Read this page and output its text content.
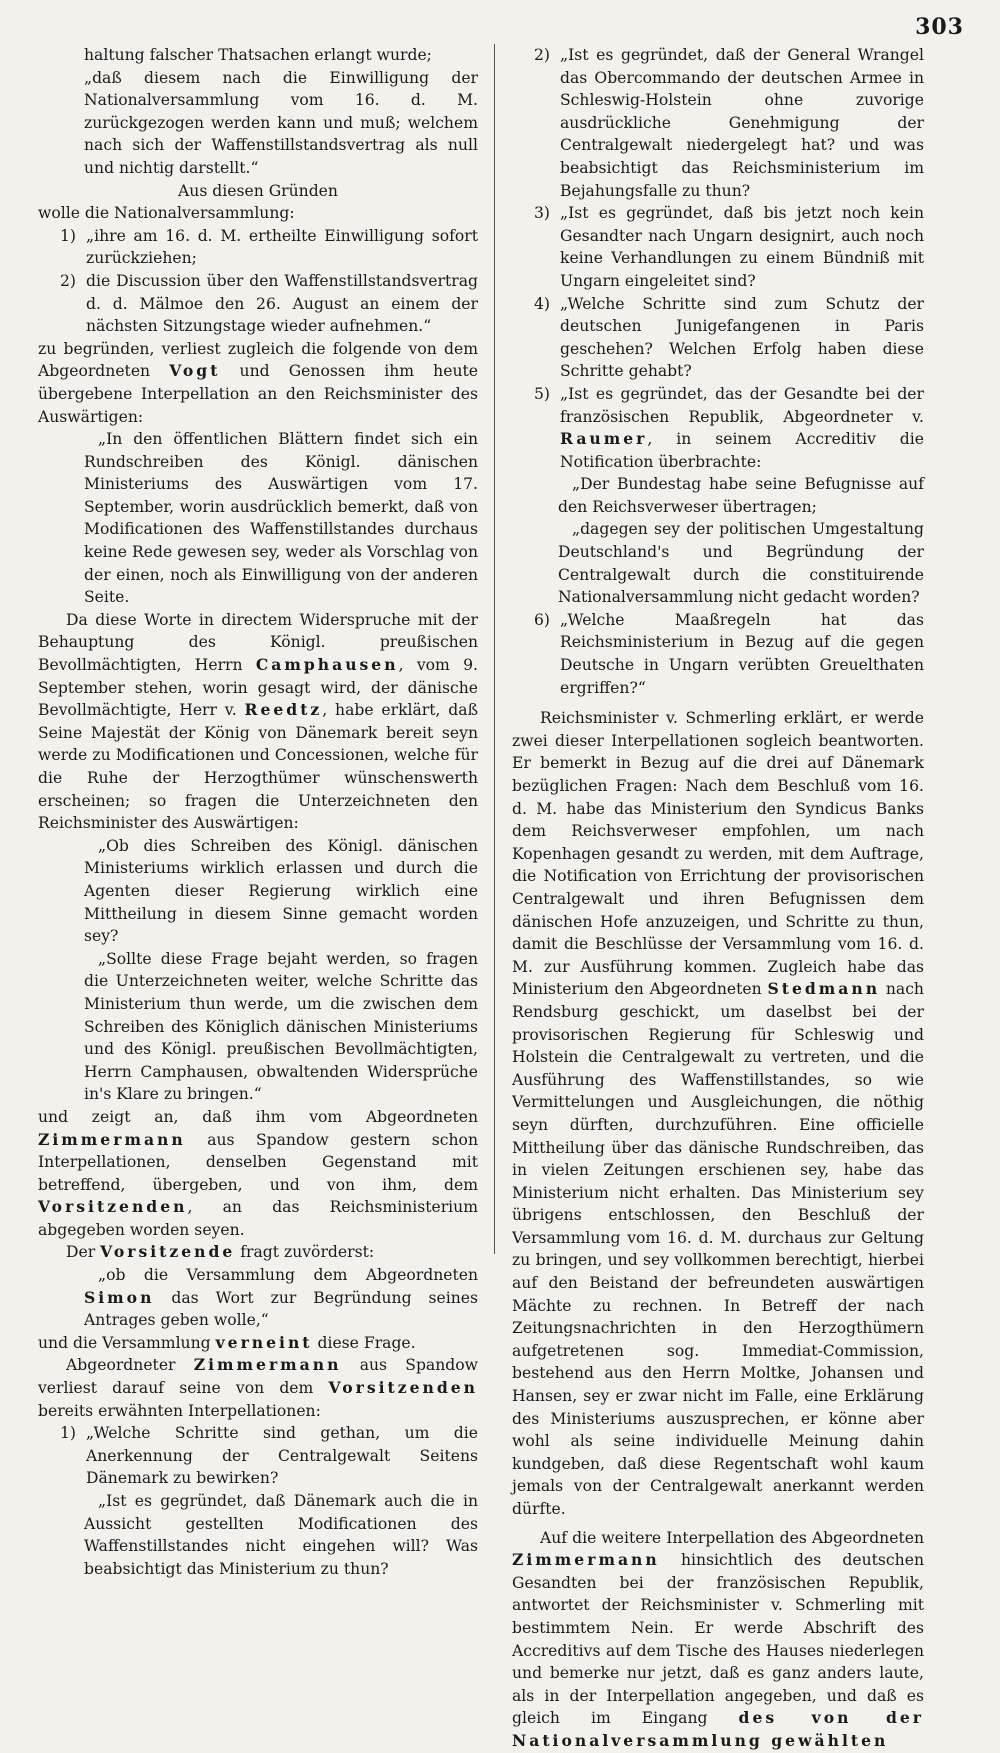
303

haltung falscher Thatsachen erlangt wurde;

„daß diesem nach die Einwilligung der Nationalversammlung vom 16. d. M. zurückgezogen werden kann und muß; welchem nach sich der Waffenstillstandsvertrag als null und nichtig darstellt.“

Aus diesen Gründen

wolle die Nationalversammlung:

1) „ihre am 16. d. M. ertheilte Einwilligung sofort zurückziehen;
2) die Discussion über den Waffenstillstandsvertrag d. d. Mälmoe den 26. August an einem der nächsten Sitzungstage wieder aufnehmen.“

zu begründen, verliest zugleich die folgende von dem Abgeordneten Vogt und Genossen ihm heute übergebene Interpellation an den Reichsminister des Auswärtigen:

„In den öffentlichen Blättern findet sich ein Rundschreiben des Königl. dänischen Ministeriums des Auswärtigen vom 17. September, worin ausdrücklich bemerkt, daß von Modificationen des Waffenstillstandes durchaus keine Rede gewesen sey, weder als Vorschlag von der einen, noch als Einwilligung von der anderen Seite.

Da diese Worte in directem Widerspruche mit der Behauptung des Königl. preußischen Bevollmächtigten, Herrn Camphausen, vom 9. September stehen, worin gesagt wird, der dänische Bevollmächtigte, Herr v. Reedtz, habe erklärt, daß Seine Majestät der König von Dänemark bereit seyn werde zu Modificationen und Concessionen, welche für die Ruhe der Herzogthümer wünschenswerth erscheinen; so fragen die Unterzeichneten den Reichsminister des Auswärtigen:

„Ob dies Schreiben des Königl. dänischen Ministeriums wirklich erlassen und durch die Agenten dieser Regierung wirklich eine Mittheilung in diesem Sinne gemacht worden sey?

„Sollte diese Frage bejaht werden, so fragen die Unterzeichneten weiter, welche Schritte das Ministerium thun werde, um die zwischen dem Schreiben des Königlich dänischen Ministeriums und des Königl. preußischen Bevollmächtigten, Herrn Camphausen, obwaltenden Widersprüche in's Klare zu bringen.“

und zeigt an, daß ihm vom Abgeordneten Zimmermann aus Spandow gestern schon Interpellationen, denselben Gegenstand mit betreffend, übergeben, und von ihm, dem Vorsitzenden, an das Reichsministerium abgegeben worden seyen.

Der Vorsitzende fragt zuvörderst:

„ob die Versammlung dem Abgeordneten Simon das Wort zur Begründung seines Antrages geben wolle,“

und die Versammlung verneint diese Frage.

Abgeordneter Zimmermann aus Spandow verliest darauf seine von dem Vorsitzenden bereits erwähnten Interpellationen:

1) „Welche Schritte sind gethan, um die Anerkennung der Centralgewalt Seitens Dänemark zu bewirken?

„Ist es gegründet, daß Dänemark auch die in Aussicht gestellten Modificationen des Waffenstillstandes nicht eingehen will? Was beabsichtigt das Ministerium zu thun?

2) „Ist es gegründet, daß der General Wrangel das Obercommando der deutschen Armee in Schleswig-Holstein ohne zuvorige ausdrückliche Genehmigung der Centralgewalt niedergelegt hat? und was beabsichtigt das Reichsministerium im Bejahungsfalle zu thun?
3) „Ist es gegründet, daß bis jetzt noch kein Gesandter nach Ungarn designirt, auch noch keine Verhandlungen zu einem Bündniß mit Ungarn eingeleitet sind?
4) „Welche Schritte sind zum Schutz der deutschen Junigefangenen in Paris geschehen? Welchen Erfolg haben diese Schritte gehabt?
5) „Ist es gegründet, das der Gesandte bei der französischen Republik, Abgeordneter v. Raumer, in seinem Accreditiv die Notification überbrachte:

„Der Bundestag habe seine Befugnisse auf den Reichsverweser übertragen;

„dagegen sey der politischen Umgestaltung Deutschland's und Begründung der Centralgewalt durch die constituirende Nationalversammlung nicht gedacht worden?

6) „Welche Maaßregeln hat das Reichsministerium in Bezug auf die gegen Deutsche in Ungarn verübten Greuelthaten ergriffen?“

Reichsminister v. Schmerling erklärt, er werde zwei dieser Interpellationen sogleich beantworten. Er bemerkt in Bezug auf die drei auf Dänemark bezüglichen Fragen: Nach dem Beschluß vom 16. d. M. habe das Ministerium den Syndicus Banks dem Reichsverweser empfohlen, um nach Kopenhagen gesandt zu werden, mit dem Auftrage, die Notification von Errichtung der provisorischen Centralgewalt und ihren Befugnissen dem dänischen Hofe anzuzeigen, und Schritte zu thun, damit die Beschlüsse der Versammlung vom 16. d. M. zur Ausführung kommen. Zugleich habe das Ministerium den Abgeordneten Stedmann nach Rendsburg geschickt, um daselbst bei der provisorischen Regierung für Schleswig und Holstein die Centralgewalt zu vertreten, und die Ausführung des Waffenstillstandes, so wie Vermittelungen und Ausgleichungen, die nöthig seyn dürften, durchzuführen. Eine officielle Mittheilung über das dänische Rundschreiben, das in vielen Zeitungen erschienen sey, habe das Ministerium nicht erhalten. Das Ministerium sey übrigens entschlossen, den Beschluß der Versammlung vom 16. d. M. durchaus zur Geltung zu bringen, und sey vollkommen berechtigt, hierbei auf den Beistand der befreundeten auswärtigen Mächte zu rechnen. In Betreff der nach Zeitungsnachrichten in den Herzogthümern aufgetretenen sog. Immediat-Commission, bestehend aus den Herrn Moltke, Johansen und Hansen, sey er zwar nicht im Falle, eine Erklärung des Ministeriums auszusprechen, er könne aber wohl als seine individuelle Meinung dahin kundgeben, daß diese Regentschaft wohl kaum jemals von der Centralgewalt anerkannt werden dürfte.

Auf die weitere Interpellation des Abgeordneten Zimmermann hinsichtlich des deutschen Gesandten bei der französischen Republik, antwortet der Reichsminister v. Schmerling mit bestimmtem Nein. Er werde Abschrift des Accreditivs auf dem Tische des Hauses niederlegen und bemerke nur jetzt, daß es ganz anders laute, als in der Interpellation angegeben, und daß es gleich im Eingang des von der Nationalversammlung gewählten
